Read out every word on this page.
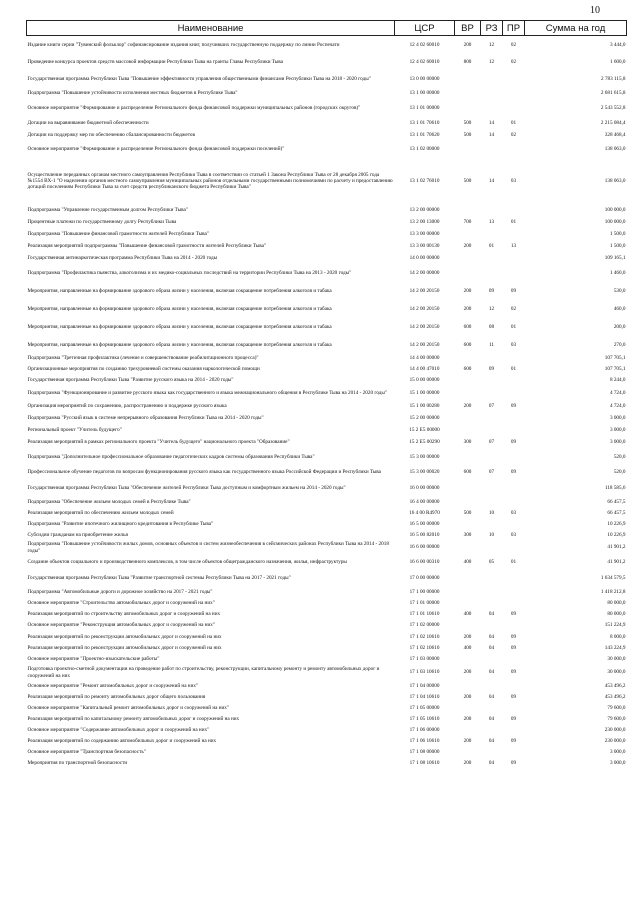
10
Наименование	ЦСР	ВР	РЗ	ПР	Сумма на год
Издание книги серии "Тувинский фольклор" софинансирование издания книг, получивших государственную поддержку по линии Роспечати	12 4 02 60010	200	12	02	3 444,0
Проведение конкурса проектов средств массовой информации Республики Тыва на гранты Главы Республики Тыва	12 4 02 60010	800	12	02	1 600,0
Государственная программа Республики Тыва "Повышение эффективности управления общественными финансами Республики Тыва на 2018 - 2020 годы"	13 0 00 00000				2 783 115,8
Подпрограмма "Повышение устойчивости исполнения местных бюджетов в Республике Тыва"	13 1 00 00000				2 681 615,8
Основное мероприятие "Формирование и распределение Регионального фонда финансовой поддержки муниципальных районов (городских округов)"	13 1 01 00000				2 543 552,8
Дотации на выравнивание бюджетной обеспеченности	13 1 01 70610	500	14	01	2 215 084,4
Дотации на поддержку мер по обеспечению сбалансированности бюджетов	13 1 01 70620	500	14	02	328 468,4
Основное мероприятие "Формирование и распределение Регионального фонда финансовой поддержки поселений)"	13 1 02 00000				138 063,0
Осуществление переданных органам местного самоуправления Республики Тыва в соответствии со статьей 1 Закона Республики Тыва от 28 декабря 2005 года №1554 ВХ-1 "О наделении органов местного самоуправления муниципальных районов отдельными государственными полномочиями по расчету и предоставлению дотаций поселениям Республики Тыва за счет средств республиканского бюджета Республики Тыва"	13 1 02 76010	500	14	03	138 063,0
Подпрограмма "Управление государственным долгом Республики Тыва"	13 2 00 00000				100 000,0
Процентные платежи по государственному долгу Республики Тыва	13 2 00 13000	700	13	01	100 000,0
Подпрограмма "Повышение финансовой грамотности жителей Республики Тыва"	13 3 00 00000				1 500,0
Реализация мероприятий подпрограммы "Повышение финансовой грамотности жителей Республики Тыва"	13 3 00 00130	200	01	13	1 500,0
Государственная антинаркотическая программа Республики Тыва на 2014 - 2020 годы	14 0 00 00000				109 165,1
Подпрограмма "Профилактика пьянства, алкоголизма и их медико-социальных последствий на территории Республики Тыва на 2013 - 2020 годы"	14 2 00 00000				1 460,0
Мероприятия, направленные на формирование здорового образа жизни у населения, включая сокращение потребления алкоголя и табака	14 2 00 20150	200	09	09	530,0
Мероприятия, направленные на формирование здорового образа жизни у населения, включая сокращение потребления алкоголя и табака	14 2 00 20150	200	12	02	460,0
Мероприятия, направленные на формирование здорового образа жизни у населения, включая сокращение потребления алкоголя и табака	14 2 00 20150	600	08	01	200,0
Мероприятия, направленные на формирование здорового образа жизни у населения, включая сокращение потребления алкоголя и табака	14 2 00 20150	600	11	03	270,0
Подпрограмма "Третичная профилактика (лечение и совершенствование реабилитационного процесса)"	14 4 00 00000				107 705,1
Организационные мероприятия по созданию трехуровневой системы оказания наркологической помощи	14 4 00 47010	600	09	01	107 705,1
Государственная программа Республики Тыва "Развитие русского языка на 2014 - 2020 годы"	15 0 00 00000				8 244,0
Подпрограмма "Функционирование и развитие русского языка как государственного и языка межнационального общения в Республике Тыва на 2014 - 2020 годы"	15 1 00 00000				4 724,0
Организация мероприятий по сохранению, распространению и поддержке русского языка	15 1 00 00280	200	07	09	4 724,0
Подпрограмма "Русский язык в системе непрерывного образования Республики Тыва на 2014 - 2020 годы"	15 2 00 00000				3 000,0
Региональный проект "Учитель будущего"	15 2 E5 00000				3 000,0
Реализация мероприятий в рамках регионального проекта "Учитель будущего" национального проекта "Образование"	15 2 E5 00290	300	07	09	3 000,0
Подпрограмма "Дополнительное профессиональное образование педагогических кадров системы образования Республики Тыва"	15 3 00 00000				520,0
Профессиональное обучение педагогов по вопросам функционирования русского языка как государственного языка Российской Федерации и Республики Тыва	15 3 00 00020	600	07	09	520,0
Государственная программа Республики Тыва "Обеспечение жителей Республики Тыва доступным и комфортным жильем на 2014 - 2020 годы"	16 0 00 00000				118 585,6
Подпрограмма "Обеспечение жильем молодых семей в Республике Тыва"	16 4 00 00000				66 457,5
Реализация мероприятий по обеспечению жильем молодых семей	16 4 00 R4970	500	10	03	66 457,5
Подпрограмма "Развитие ипотечного жилищного кредитования в Республике Тыва"	16 5 00 00000				10 226,9
Субсидии гражданам на приобретение жилья	16 5 00 82010	300	10	03	10 226,9
Подпрограмма "Повышение устойчивости жилых домов, основных объектов и систем жизнеобеспечения в сейсмических районах Республики Тыва на 2014 - 2018 годы"	16 6 00 00000				41 901,2
Создание объектов социального и производственного комплексов, в том числе объектов общегражданского назначения, жилья, инфраструктуры	16 6 00 00310	400	05	01	41 901,2
Государственная программа Республики Тыва "Развитие транспортной системы Республики Тыва на 2017 - 2021 годы"	17 0 00 00000				1 634 579,5
Подпрограмма "Автомобильные дороги и дорожное хозяйство на 2017 - 2021 годы"	17 1 00 00000				1 418 212,8
Основное мероприятие "Строительство автомобильных дорог и сооружений на них"	17 1 01 00000				80 000,0
Реализация мероприятий по строительству автомобильных дорог и сооружений на них	17 1 01 10610	400	04	09	80 000,0
Основное мероприятие "Реконструкция автомобильных дорог и сооружений на них"	17 1 02 00000				151 224,9
Реализация мероприятий по реконструкции автомобильных дорог и сооружений на них	17 1 02 10610	200	04	09	8 000,0
Реализация мероприятий по реконструкции автомобильных дорог и сооружений на них	17 1 02 10610	400	04	09	143 224,9
Основное мероприятие "Проектно-изыскательские работы"	17 1 03 00000				30 000,0
Подготовка проектно-сметной документации на проведение работ по строительству, реконструкции, капитальному ремонту и ремонту автомобильных дорог и сооружений на них	17 1 03 10610	200	04	09	30 000,0
Основное мероприятие "Ремонт автомобильных дорог и сооружений на них"	17 1 04 00000				453 496,2
Реализация мероприятий по ремонту автомобильных дорог общего пользования	17 1 04 10610	200	04	09	453 496,2
Основное мероприятие "Капитальный ремонт автомобильных дорог и сооружений на них"	17 1 05 00000				79 600,0
Реализация мероприятий по капитальному ремонту автомобильных дорог и сооружений на них	17 1 05 10610	200	04	09	79 600,0
Основное мероприятие "Содержание автомобильных дорог и сооружений на них"	17 1 06 00000				230 000,0
Реализация мероприятий по содержанию автомобильных дорог и сооружений на них	17 1 06 10610	200	04	09	230 000,0
Основное мероприятие "Транспортная безопасность"	17 1 08 00000				3 000,0
Мероприятия по транспортной безопасности	17 1 08 10610	200	04	09	3 000,0
